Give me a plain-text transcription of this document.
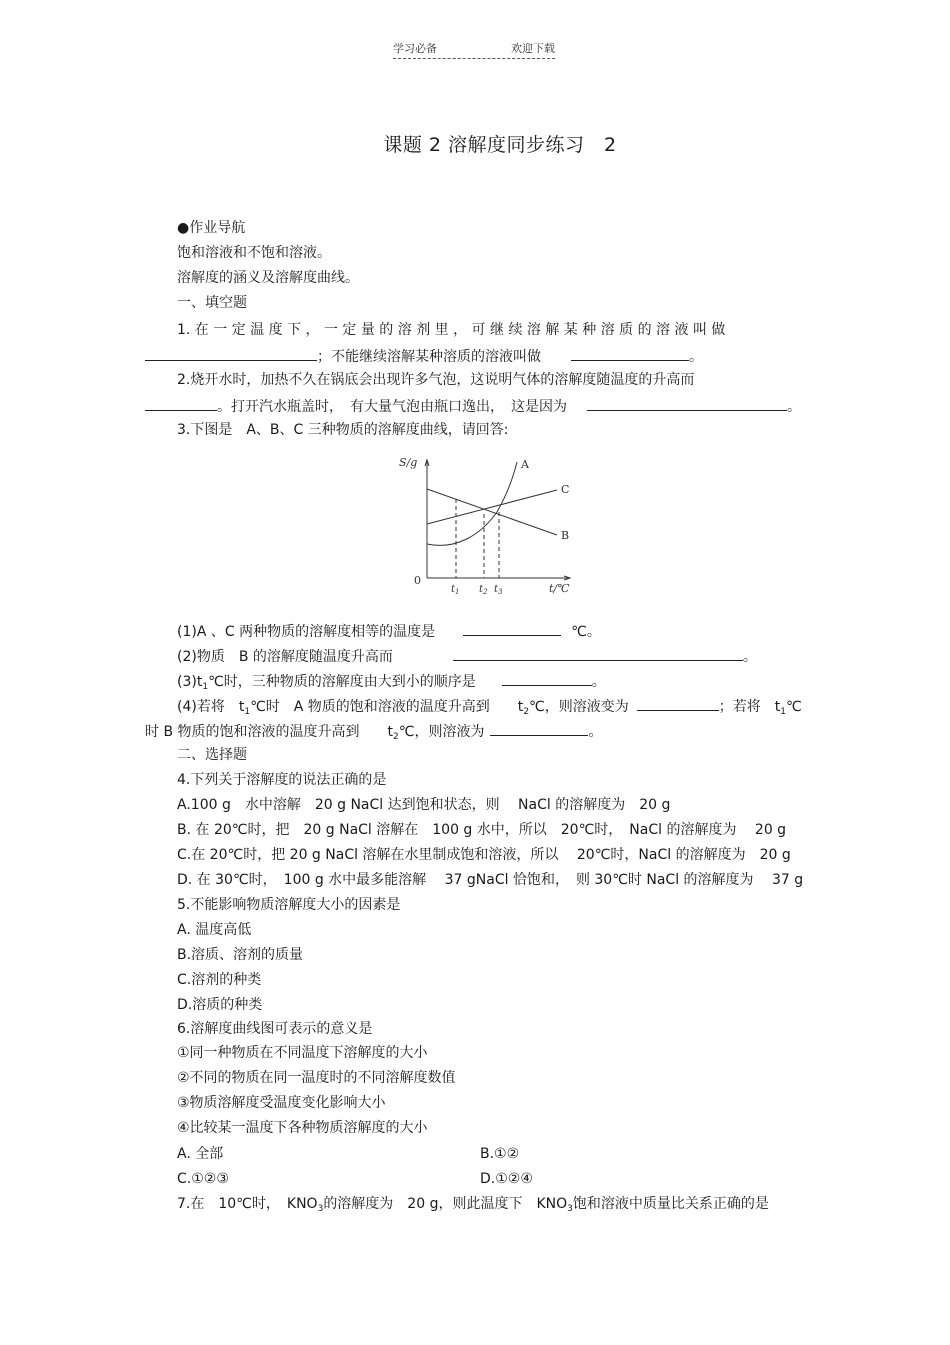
学习必备	欢迎下载
课题 2 溶解度同步练习　2
●作业导航
饱和溶液和不饱和溶液。
溶解度的涵义及溶解度曲线。
一、填空题
1. 在 一 定 温 度 下 ， 一 定 量 的 溶 剂 里 ， 可 继 续 溶 解 某 种 溶 质 的 溶 液 叫 做
；不能继续溶解某种溶质的溶液叫做	。
2.烧开水时，加热不久在锅底会出现许多气泡，这说明气体的溶解度随温度的升高而
。打开汽水瓶盖时，　有大量气泡由瓶口逸出，　这是因为	。
3.下图是　A、B、C 三种物质的溶解度曲线，请回答:
S/g
0
t/℃
A
C
B
$t_1$ $t_2$ $t_3$
(1)A 、C 两种物质的溶解度相等的温度是	℃。
(2)物质　B 的溶解度随温度升高而	。
$(3)t_1℃$时，三种物质的溶解度由大到小的顺序是	。
(4)若将　$t_1℃$时　A 物质的饱和溶液的温度升高到　　$t_2℃$，则溶液变为	；若将　$t_1℃$
时 B 物质的饱和溶液的温度升高到　　$t_2℃$，则溶液为	。
二、选择题
4.下列关于溶解度的说法正确的是
A.100 g　水中溶解　20 g NaCl 达到饱和状态，则　 NaCl 的溶解度为　20 g
B. 在 20℃时，把　20 g NaCl 溶解在　100 g 水中，所以　20℃时，　NaCl 的溶解度为　 20 g
C.在 20℃时，把 20 g NaCl 溶解在水里制成饱和溶液，所以　 20℃时，NaCl 的溶解度为　20 g
D. 在 30℃时，　100 g 水中最多能溶解　 37 gNaCl 恰饱和，　则 30℃时 NaCl 的溶解度为　 37 g
5.不能影响物质溶解度大小的因素是
A. 温度高低
B.溶质、溶剂的质量
C.溶剂的种类
D.溶质的种类
6.溶解度曲线图可表示的意义是
①同一种物质在不同温度下溶解度的大小
②不同的物质在同一温度时的不同溶解度数值
③物质溶解度受温度变化影响大小
④比较某一温度下各种物质溶解度的大小
A. 全部	B.①②
C.①②③	D.①②④
7.在　10℃时，　$KNO_3$的溶解度为　20 g，则此温度下　$KNO_3$饱和溶液中质量比关系正确的是
